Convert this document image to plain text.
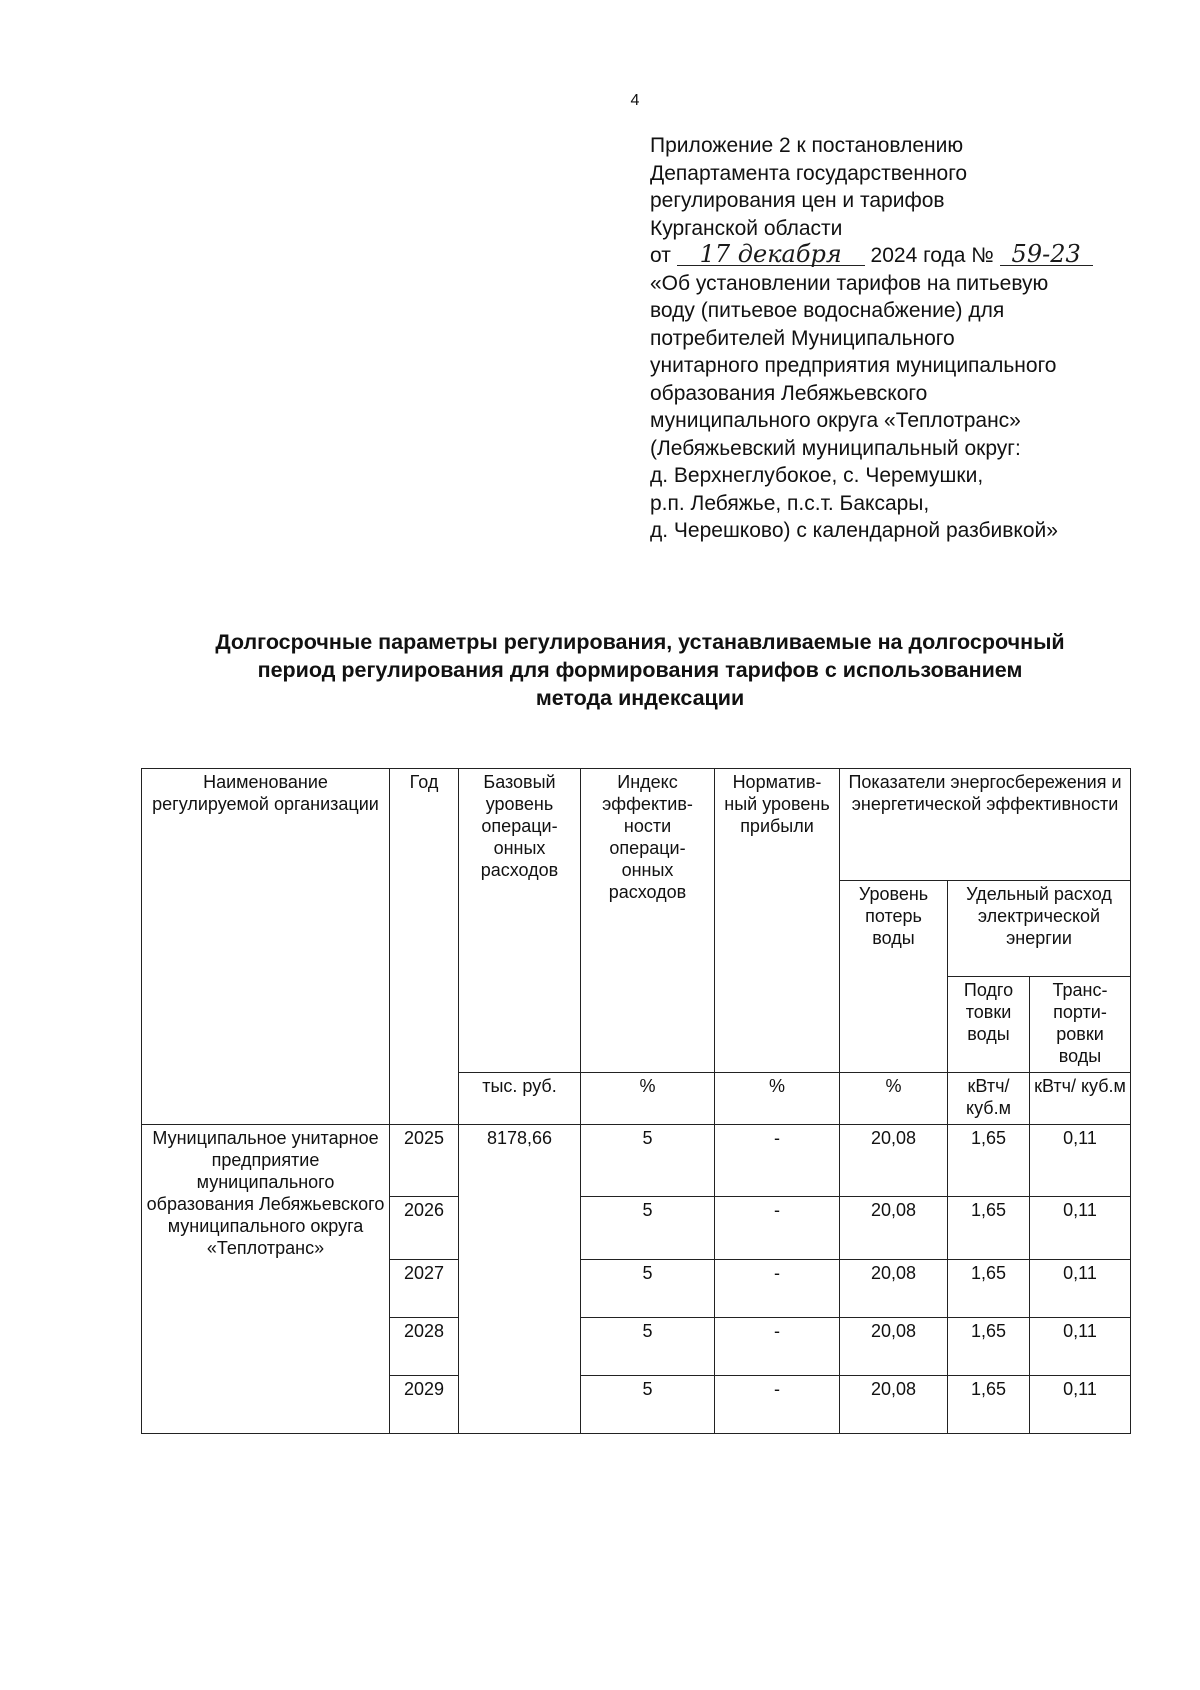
4
Приложение 2 к постановлению
Департамента государственного
регулирования цен и тарифов
Курганской области
от 17 декабря 2024 года № 59-23
«Об установлении тарифов на питьевую
воду (питьевое водоснабжение) для
потребителей Муниципального
унитарного предприятия муниципального
образования Лебяжьевского
муниципального округа «Теплотранс»
(Лебяжьевский муниципальный округ:
д. Верхнеглубокое, с. Черемушки,
р.п. Лебяжье, п.с.т. Баксары,
д. Черешково) с календарной разбивкой»
Долгосрочные параметры регулирования, устанавливаемые на долгосрочный
период регулирования для формирования тарифов с использованием
метода индексации
Наименование регулируемой организации	Год	Базовый уровень операци-онных расходов	Индекс эффектив-ности операци-онных расходов	Норматив-ный уровень прибыли	Показатели энергосбережения и энергетической эффективности		
					Уровень потерь воды	Удельный расход электрической энергии	
						Подго товки воды	Транс-порти-ровки воды
		тыс. руб.	%	%	%	кВтч/ куб.м	кВтч/ куб.м
Муниципальное унитарное предприятие муниципального образования Лебяжьевского муниципального округа «Теплотранс»	2025	8178,66	5	-	20,08	1,65	0,11
	2026		5	-	20,08	1,65	0,11
	2027		5	-	20,08	1,65	0,11
	2028		5	-	20,08	1,65	0,11
	2029		5	-	20,08	1,65	0,11
